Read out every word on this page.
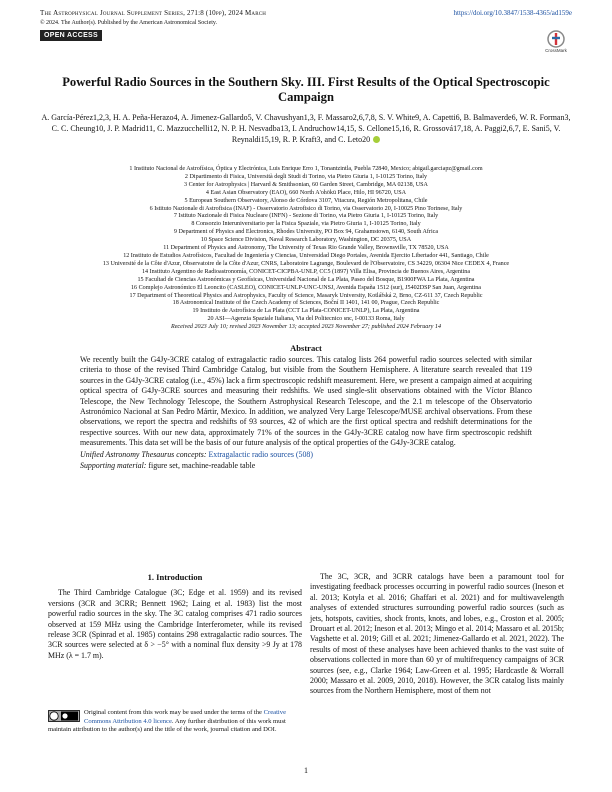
The Astrophysical Journal Supplement Series, 271:8 (10pp), 2024 March	https://doi.org/10.3847/1538-4365/ad159e
© 2024. The Author(s). Published by the American Astronomical Society.
OPEN ACCESS
CrossMark
Powerful Radio Sources in the Southern Sky. III. First Results of the Optical Spectroscopic Campaign
A. García-Pérez1,2,3, H. A. Peña-Herazo4, A. Jimenez-Gallardo5, V. Chavushyan1,3, F. Massaro2,6,7,8, S. V. White9, A. Capetti6, B. Balmaverde6, W. R. Forman3, C. C. Cheung10, J. P. Madrid11, C. Mazzucchelli12, N. P. H. Nesvadba13, I. Andruchow14,15, S. Cellone15,16, R. Grossová17,18, A. Paggi2,6,7, E. Sani5, V. Reynaldi15,19, R. P. Kraft3, and C. Leto20
1 Instituto Nacional de Astrofísica, Óptica y Electrónica, Luis Enrique Erro 1, Tonantzintla, Puebla 72840, Mexico; abigail.garciapz@gmail.com
2 Dipartimento di Fisica, Università degli Studi di Torino, via Pietro Giuria 1, I-10125 Torino, Italy
3 Center for Astrophysics | Harvard & Smithsonian, 60 Garden Street, Cambridge, MA 02138, USA
4 East Asian Observatory (EAO), 660 North A'ohōkū Place, Hilo, HI 96720, USA
5 European Southern Observatory, Alonso de Córdova 3107, Vitacura, Región Metropolitana, Chile
6 Istituto Nazionale di Astrofisica (INAF) - Osservatorio Astrofisico di Torino, via Osservatorio 20, I-10025 Pino Torinese, Italy
7 Istituto Nazionale di Fisica Nucleare (INFN) - Sezione di Torino, via Pietro Giuria 1, I-10125 Torino, Italy
8 Consorzio Interuniversitario per la Fisica Spaziale, via Pietro Giuria 1, I-10125 Torino, Italy
9 Department of Physics and Electronics, Rhodes University, PO Box 94, Grahamstown, 6140, South Africa
10 Space Science Division, Naval Research Laboratory, Washington, DC 20375, USA
11 Department of Physics and Astronomy, The University of Texas Rio Grande Valley, Brownsville, TX 78520, USA
12 Instituto de Estudios Astrofísicos, Facultad de Ingeniería y Ciencias, Universidad Diego Portales, Avenida Ejercito Libertador 441, Santiago, Chile
13 Université de la Côte d'Azur, Observatoire de la Côte d'Azur, CNRS, Laboratoire Lagrange, Boulevard de l'Observatoire, CS 34229, 06304 Nice CEDEX 4, France
14 Instituto Argentino de Radioastronomía, CONICET-CICPBA-UNLP, CC5 (1897) Villa Elisa, Provincia de Buenos Aires, Argentina
15 Facultad de Ciencias Astronómicas y Geofísicas, Universidad Nacional de La Plata, Paseo del Bosque, B1900FWA La Plata, Argentina
16 Complejo Astronómico El Leoncito (CASLEO), CONICET-UNLP-UNC-UNSJ, Avenida España 1512 (sur), J5402DSP San Juan, Argentina
17 Department of Theoretical Physics and Astrophysics, Faculty of Science, Masaryk University, Kotlářská 2, Brno, CZ-611 37, Czech Republic
18 Astronomical Institute of the Czech Academy of Sciences, Boční II 1401, 141 00, Prague, Czech Republic
19 Instituto de Astrofísica de La Plata (CCT La Plata-CONICET-UNLP), La Plata, Argentina
20 ASI—Agenzia Spaziale Italiana, Via del Politecnico snc, I-00133 Roma, Italy
Received 2023 July 10; revised 2023 November 13; accepted 2023 November 27; published 2024 February 14
Abstract

We recently built the G4Jy-3CRE catalog of extragalactic radio sources. This catalog lists 264 powerful radio sources selected with similar criteria to those of the revised Third Cambridge Catalog, but visible from the Southern Hemisphere. A literature search revealed that 119 sources in the G4Jy-3CRE catalog (i.e., 45%) lack a firm spectroscopic redshift measurement. Here, we present a campaign aimed at acquiring optical spectra of G4Jy-3CRE sources and measuring their redshifts. We used single-slit observations obtained with the Víctor Blanco Telescope, the New Technology Telescope, the Southern Astrophysical Research Telescope, and the 2.1 m telescope of the Observatorio Astronómico Nacional at San Pedro Mártir, Mexico. In addition, we analyzed Very Large Telescope/MUSE archival observations. From these observations, we report the spectra and redshifts of 93 sources, 42 of which are the first optical spectra and redshift determinations for the respective sources. With our new data, approximately 71% of the sources in the G4Jy-3CRE catalog now have firm spectroscopic redshift measurements. This data set will be the basis of our future analysis of the optical properties of the G4Jy-3CRE catalog.

Unified Astronomy Thesaurus concepts: Extragalactic radio sources (508)

Supporting material: figure set, machine-readable table

1. Introduction

The Third Cambridge Catalogue (3C; Edge et al. 1959) and its revised versions (3CR and 3CRR; Bennett 1962; Laing et al. 1983) list the most powerful radio sources in the sky. The 3C catalog comprises 471 radio sources observed at 159 MHz using the Cambridge Interferometer, while its revised release 3CR (Spinrad et al. 1985) contains 298 extragalactic radio sources. The 3CR sources were selected at δ > −5° with a nominal flux density >9 Jy at 178 MHz (λ = 1.7 m).

The 3C, 3CR, and 3CRR catalogs have been a paramount tool for investigating feedback processes occurring in powerful radio sources (Ineson et al. 2013; Kotyla et al. 2016; Ghaffari et al. 2021) and for multiwavelength analyses of extended structures surrounding powerful radio sources (such as jets, hotspots, cavities, shock fronts, knots, and lobes, e.g., Croston et al. 2005; Drouart et al. 2012; Ineson et al. 2013; Mingo et al. 2014; Massaro et al. 2015b; Vagshette et al. 2019; Gill et al. 2021; Jimenez-Gallardo et al. 2021, 2022). The results of most of these analyses have been achieved thanks to the vast suite of observations collected in more than 60 yr of multifrequency campaigns of 3CR sources (see, e.g., Clarke 1964; Law-Green et al. 1995; Hardcastle & Worrall 2000; Massaro et al. 2009, 2010, 2018). However, the 3CR catalog lists mainly sources from the Northern Hemisphere, most of them not

Original content from this work may be used under the terms of the Creative Commons Attribution 4.0 licence. Any further distribution of this work must maintain attribution to the author(s) and the title of the work, journal citation and DOI.
1
